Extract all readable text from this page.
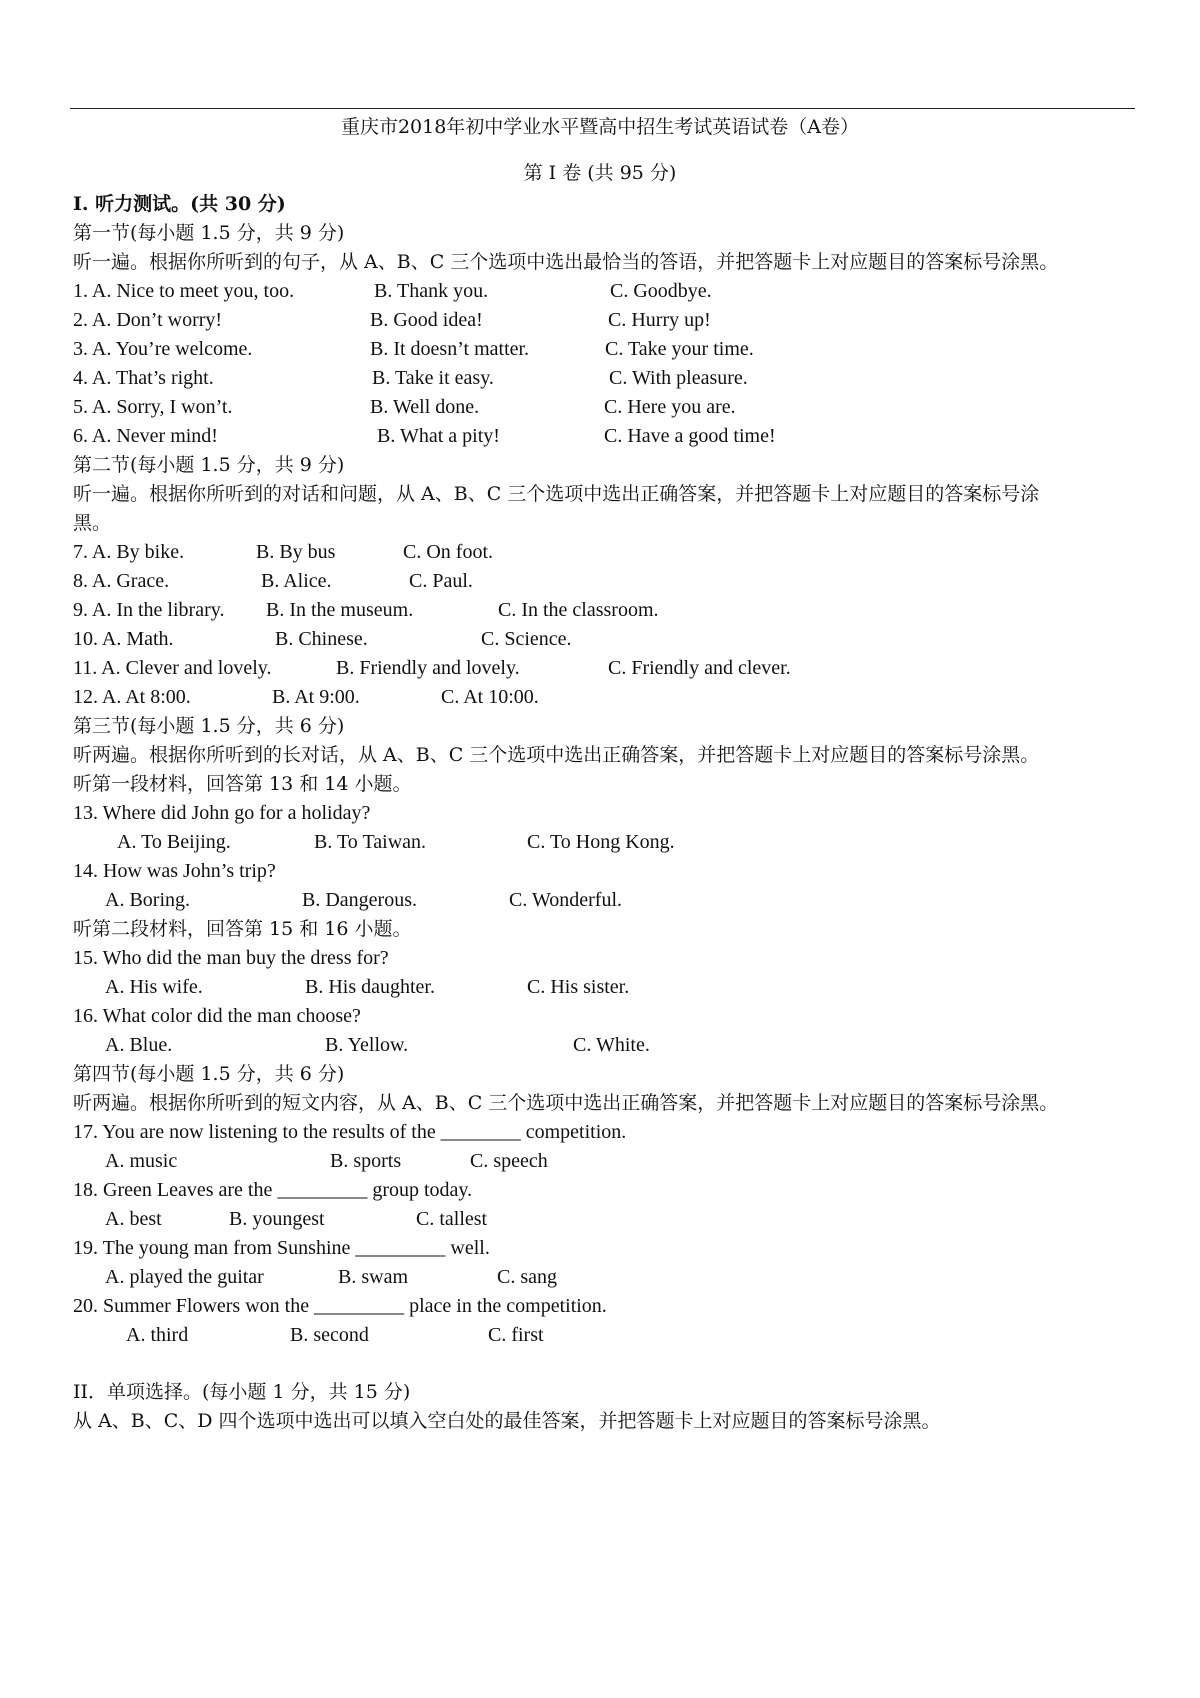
重庆市2018年初中学业水平暨高中招生考试英语试卷（A卷）
第 I 卷 (共 95 分)
I. 听力测试。(共 30 分)
第一节(每小题 1.5 分，共 9 分)
听一遍。根据你所听到的句子，从 A、B、C 三个选项中选出最恰当的答语，并把答题卡上对应题目的答案标号涂黑。
1. A. Nice to meet you, too.	B. Thank you.	C. Goodbye.
2. A. Don’t worry!	B. Good idea!	C. Hurry up!
3. A. You’re welcome.	B. It doesn’t matter.	C. Take your time.
4. A. That’s right.	B. Take it easy.	C. With pleasure.
5. A. Sorry, I won’t.	B. Well done.	C. Here you are.
6. A. Never mind!	B. What a pity!	C. Have a good time!
第二节(每小题 1.5 分，共 9 分)
听一遍。根据你所听到的对话和问题，从 A、B、C 三个选项中选出正确答案，并把答题卡上对应题目的答案标号涂
黑。
7. A. By bike.	B. By bus	C. On foot.
8. A. Grace.	B. Alice.	C. Paul.
9. A. In the library. B. In the museum.	C. In the classroom.
10. A. Math.	B. Chinese.	C. Science.
11. A. Clever and lovely.	B. Friendly and lovely.	C. Friendly and clever.
12. A. At 8:00.	B. At 9:00.	C. At 10:00.
第三节(每小题 1.5 分，共 6 分)
听两遍。根据你所听到的长对话，从 A、B、C 三个选项中选出正确答案，并把答题卡上对应题目的答案标号涂黑。
听第一段材料，回答第 13 和 14 小题。
13. Where did John go for a holiday?
A. To Beijing.	B. To Taiwan.	C. To Hong Kong.
14. How was John’s trip?
A. Boring.	B. Dangerous.	C. Wonderful.
听第二段材料，回答第 15 和 16 小题。
15. Who did the man buy the dress for?
A. His wife.	B. His daughter.	C. His sister.
16. What color did the man choose?
A. Blue.	B. Yellow.	C. White.
第四节(每小题 1.5 分，共 6 分)
听两遍。根据你所听到的短文内容，从 A、B、C 三个选项中选出正确答案，并把答题卡上对应题目的答案标号涂黑。
17. You are now listening to the results of the ________ competition.
A. music	B. sports	C. speech
18. Green Leaves are the _________ group today.
A. best	B. youngest	C. tallest
19. The young man from Sunshine _________ well.
A. played the guitar	B. swam	C. sang
20. Summer Flowers won the _________ place in the competition.
A. third	B. second	C. first
II．单项选择。(每小题 1 分，共 15 分)
从 A、B、C、D 四个选项中选出可以填入空白处的最佳答案，并把答题卡上对应题目的答案标号涂黑。
